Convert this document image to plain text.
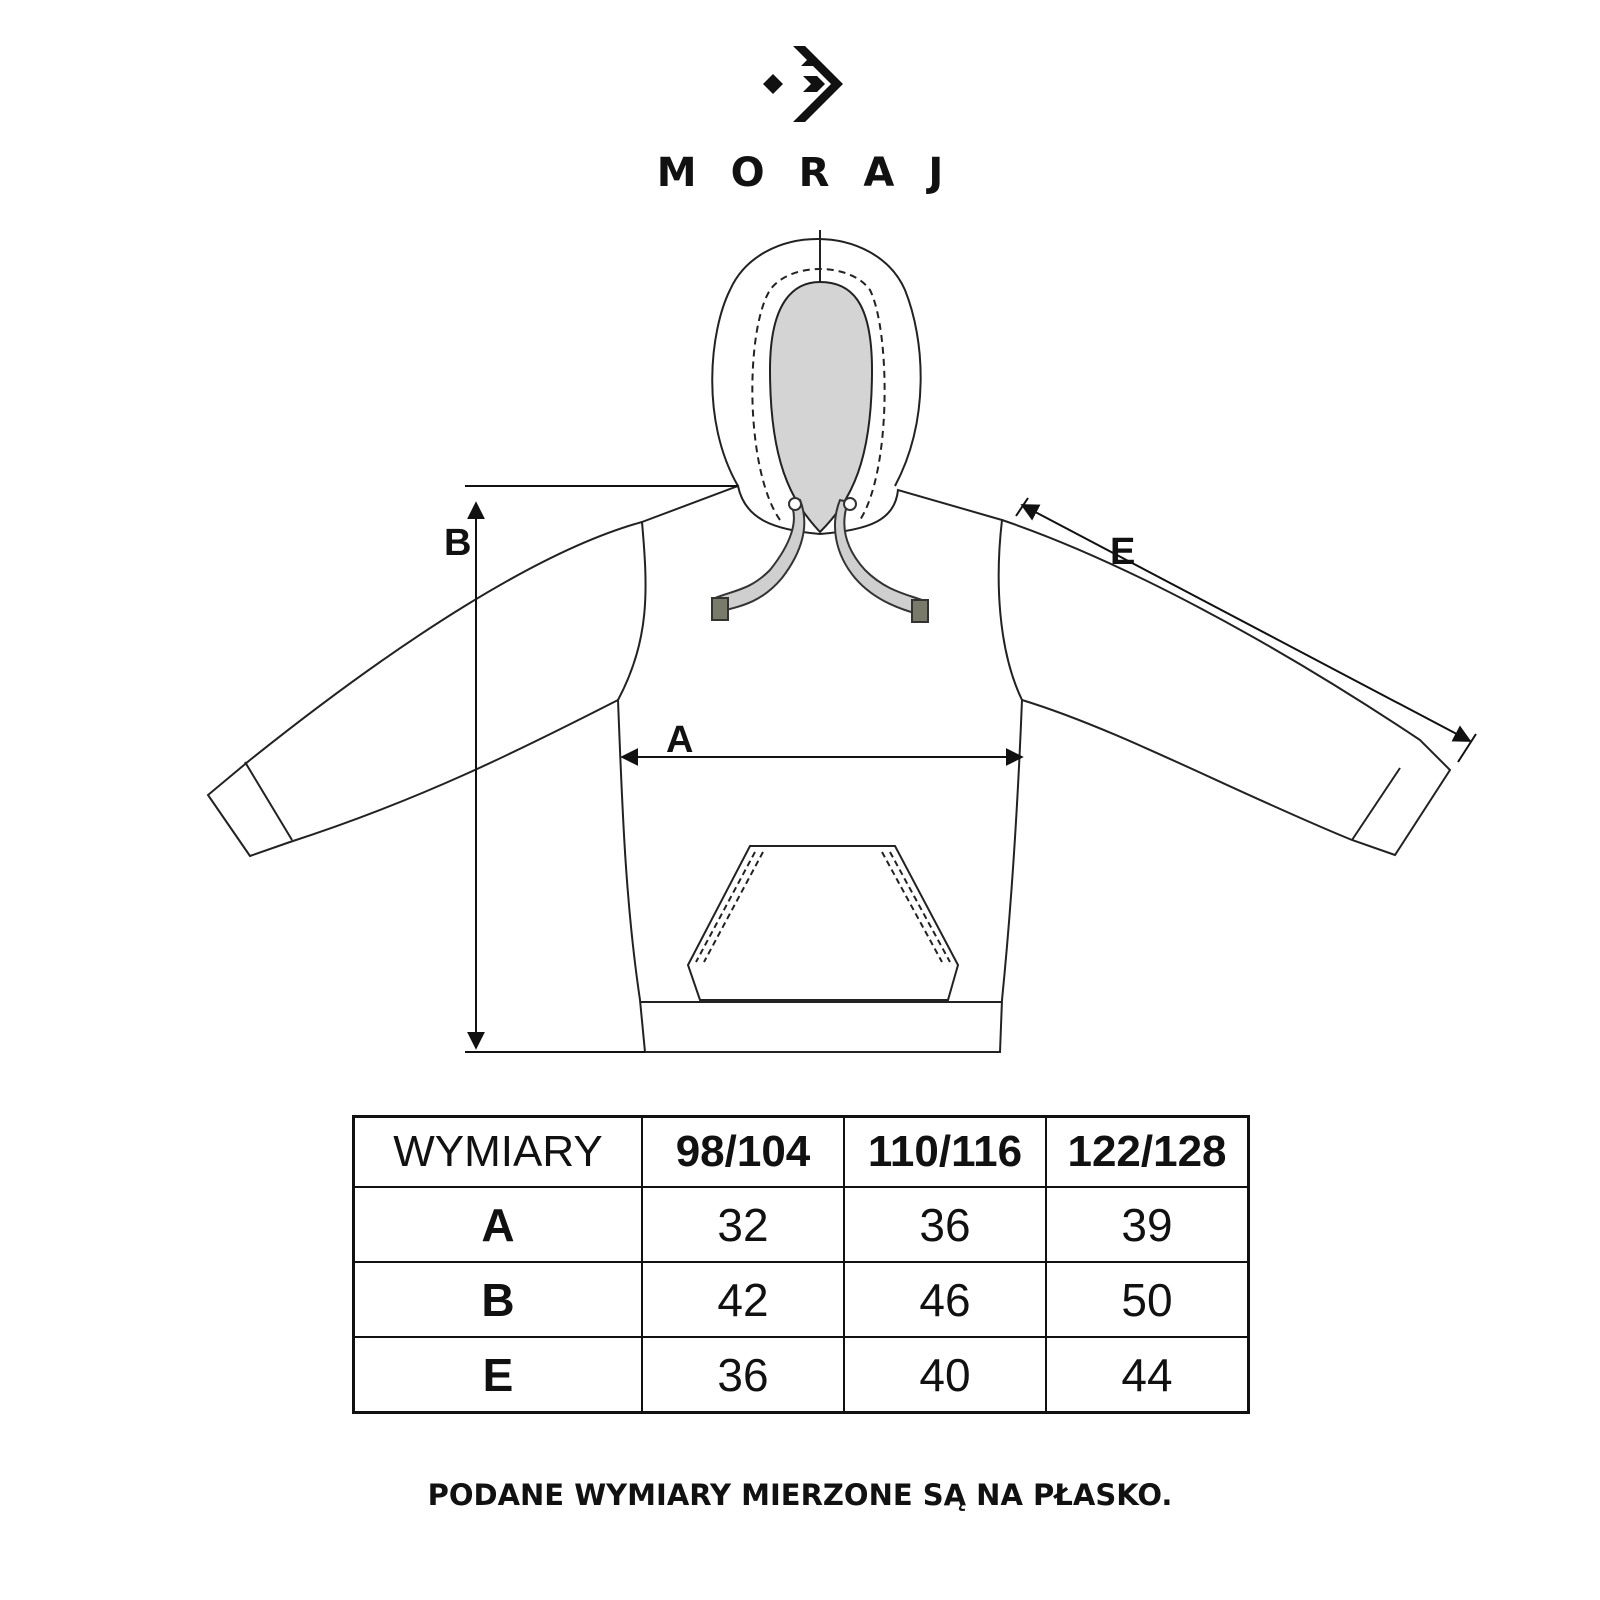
MORAJ
B
A
E
WYMIARY	98/104	110/116	122/128
A	32	36	39
B	42	46	50
E	36	40	44
PODANE WYMIARY MIERZONE SĄ NA PŁASKO.
